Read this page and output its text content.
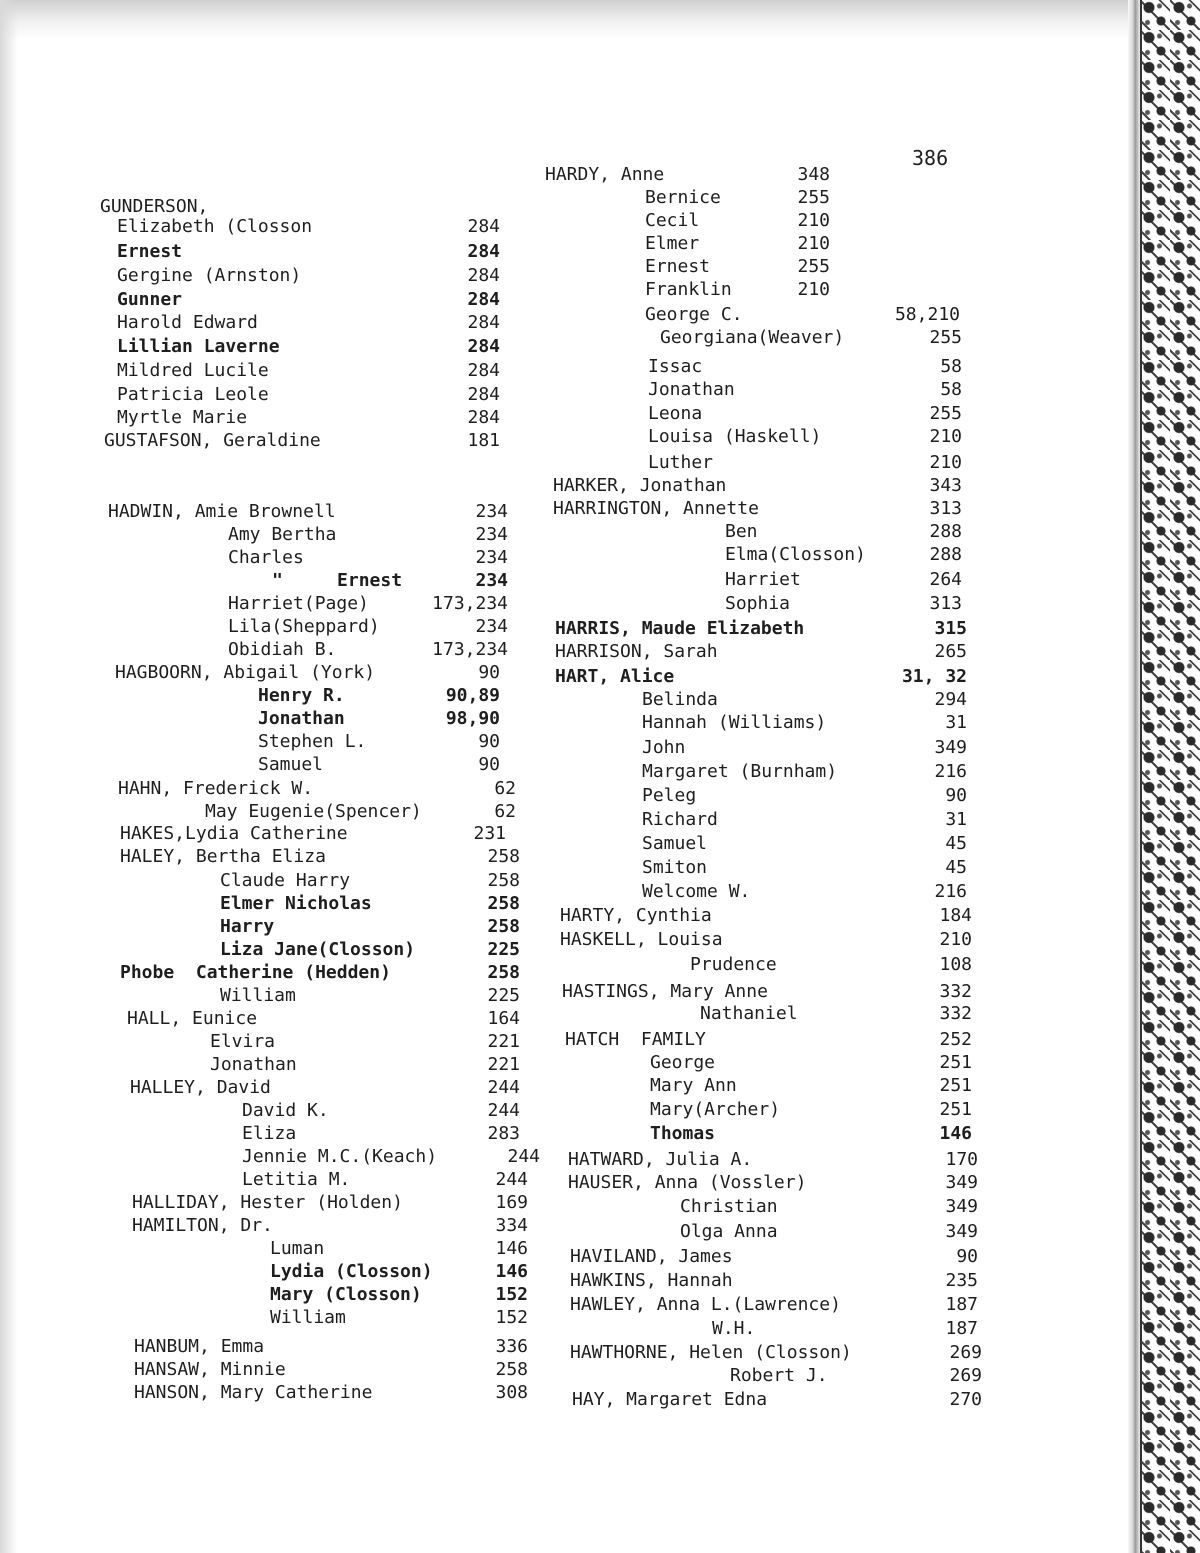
386
GUNDERSON,
Elizabeth (Closson	284
Ernest	284
Gergine (Arnston)	284
Gunner	284
Harold Edward	284
Lillian Laverne	284
Mildred Lucile	284
Patricia Leole	284
Myrtle Marie	284
GUSTAFSON, Geraldine	181
HADWIN, Amie Brownell	234
Amy Bertha	234
Charles	234
"     Ernest	234
Harriet(Page)	173,234
Lila(Sheppard)	234
Obidiah B.	173,234
HAGBOORN, Abigail (York)	90
Henry R.	90,89
Jonathan	98,90
Stephen L.	90
Samuel	90
HAHN, Frederick W.	62
May Eugenie(Spencer)	62
HAKES,Lydia Catherine	231
HALEY, Bertha Eliza	258
Claude Harry	258
Elmer Nicholas	258
Harry	258
Liza Jane(Closson)	225
Phobe  Catherine (Hedden)	258
William	225
HALL, Eunice	164
Elvira	221
Jonathan	221
HALLEY, David	244
David K.	244
Eliza	283
Jennie M.C.(Keach)	244
Letitia M.	244
HALLIDAY, Hester (Holden)	169
HAMILTON, Dr.	334
Luman	146
Lydia (Closson)	146
Mary (Closson)	152
William	152
HANBUM, Emma	336
HANSAW, Minnie	258
HANSON, Mary Catherine	308
HARDY, Anne	348
Bernice	255
Cecil	210
Elmer	210
Ernest	255
Franklin	210
George C.	58,210
Georgiana(Weaver)	255
Issac	58
Jonathan	58
Leona	255
Louisa (Haskell)	210
Luther	210
HARKER, Jonathan	343
HARRINGTON, Annette	313
Ben	288
Elma(Closson)	288
Harriet	264
Sophia	313
HARRIS, Maude Elizabeth	315
HARRISON, Sarah	265
HART, Alice	31, 32
Belinda	294
Hannah (Williams)	31
John	349
Margaret (Burnham)	216
Peleg	90
Richard	31
Samuel	45
Smiton	45
Welcome W.	216
HARTY, Cynthia	184
HASKELL, Louisa	210
Prudence	108
HASTINGS, Mary Anne	332
Nathaniel	332
HATCH  FAMILY	252
George	251
Mary Ann	251
Mary(Archer)	251
Thomas	146
HATWARD, Julia A.	170
HAUSER, Anna (Vossler)	349
Christian	349
Olga Anna	349
HAVILAND, James	90
HAWKINS, Hannah	235
HAWLEY, Anna L.(Lawrence)	187
W.H.	187
HAWTHORNE, Helen (Closson)	269
Robert J.	269
HAY, Margaret Edna	270
